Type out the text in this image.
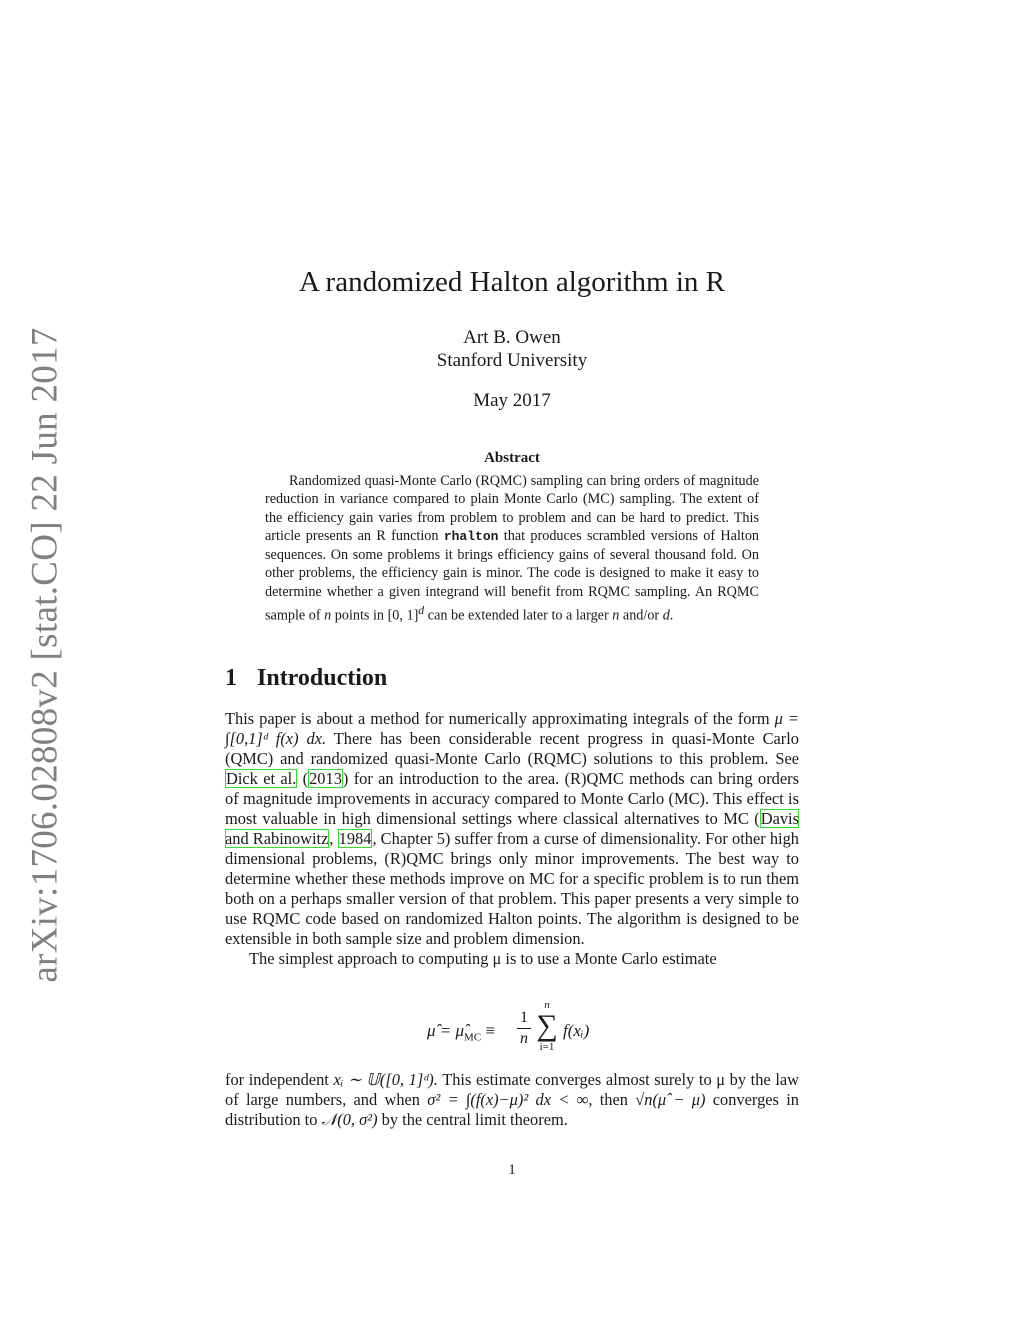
arXiv:1706.02808v2 [stat.CO] 22 Jun 2017
A randomized Halton algorithm in R
Art B. Owen
Stanford University
May 2017
Abstract

Randomized quasi-Monte Carlo (RQMC) sampling can bring orders of magnitude reduction in variance compared to plain Monte Carlo (MC) sampling. The extent of the efficiency gain varies from problem to problem and can be hard to predict. This article presents an R function rhalton that produces scrambled versions of Halton sequences. On some problems it brings efficiency gains of several thousand fold. On other problems, the efficiency gain is minor. The code is designed to make it easy to determine whether a given integrand will benefit from RQMC sampling. An RQMC sample of n points in [0, 1]$^d$ can be extended later to a larger n and/or d.

1 Introduction

This paper is about a method for numerically approximating integrals of the form μ = ∫[0,1]ᵈ f(x) dx. There has been considerable recent progress in quasi-Monte Carlo (QMC) and randomized quasi-Monte Carlo (RQMC) solutions to this problem. See Dick et al. (2013) for an introduction to the area. (R)QMC methods can bring orders of magnitude improvements in accuracy compared to Monte Carlo (MC). This effect is most valuable in high dimensional settings where classical alternatives to MC (Davis and Rabinowitz, 1984, Chapter 5) suffer from a curse of dimensionality. For other high dimensional problems, (R)QMC brings only minor improvements. The best way to determine whether these methods improve on MC for a specific problem is to run them both on a perhaps smaller version of that problem. This paper presents a very simple to use RQMC code based on randomized Halton points. The algorithm is designed to be extensible in both sample size and problem dimension.

The simplest approach to computing μ is to use a Monte Carlo estimate

μ̂ = $\mû_{MC}$ ≡
1
n
n
∑
i=1
f(xᵢ)

for independent xᵢ ∼ 𝕌([0, 1]ᵈ). This estimate converges almost surely to μ by the law of large numbers, and when σ² = ∫(f(x)−μ)² dx < ∞, then √n(μ̂ − μ) converges in distribution to 𝒩(0, σ²) by the central limit theorem.

1
